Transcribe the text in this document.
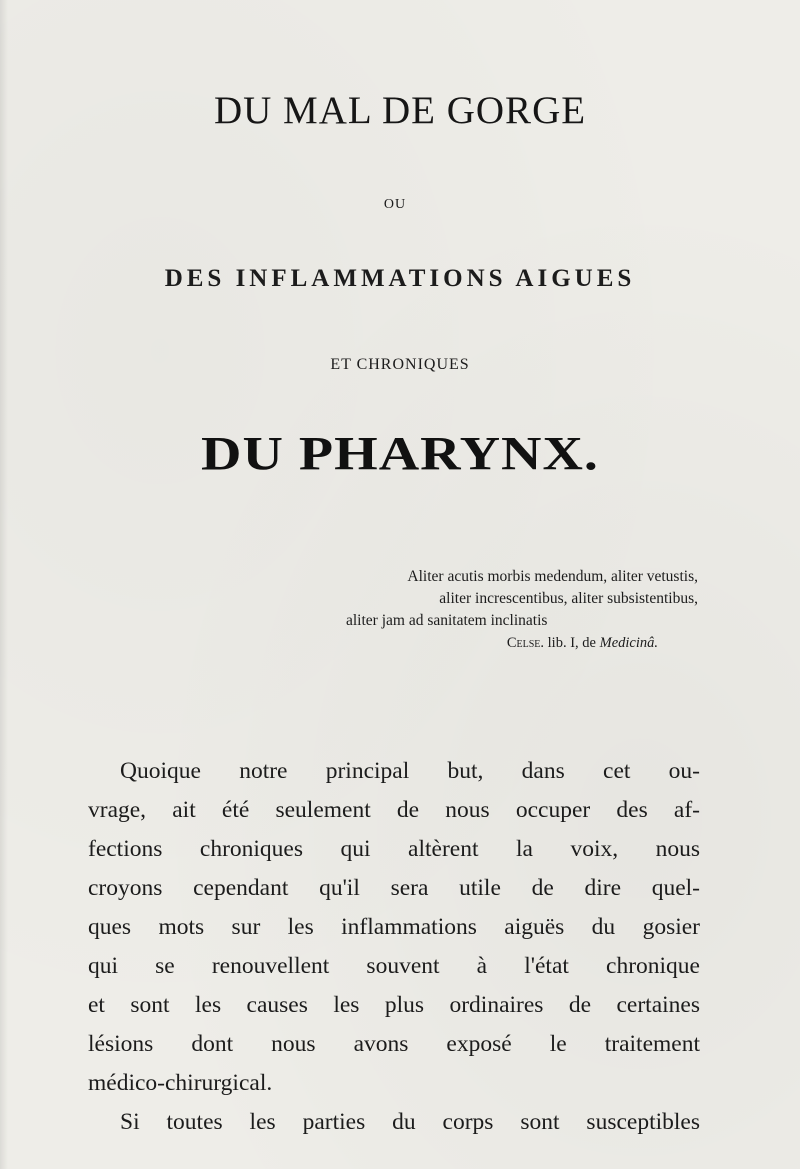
DU MAL DE GORGE
OU
DES INFLAMMATIONS AIGUES
ET CHRONIQUES
DU PHARYNX.
Aliter acutis morbis medendum, aliter vetustis,
aliter increscentibus, aliter subsistentibus,
aliter jam ad sanitatem inclinatis
Celse. lib. I, de Medicinâ.
Quoique notre principal but, dans cet ou-
vrage, ait été seulement de nous occuper des af-
fections chroniques qui altèrent la voix, nous
croyons cependant qu'il sera utile de dire quel-
ques mots sur les inflammations aiguës du gosier
qui se renouvellent souvent à l'état chronique
et sont les causes les plus ordinaires de certaines
lésions dont nous avons exposé le traitement
médico-chirurgical.
Si toutes les parties du corps sont susceptibles
